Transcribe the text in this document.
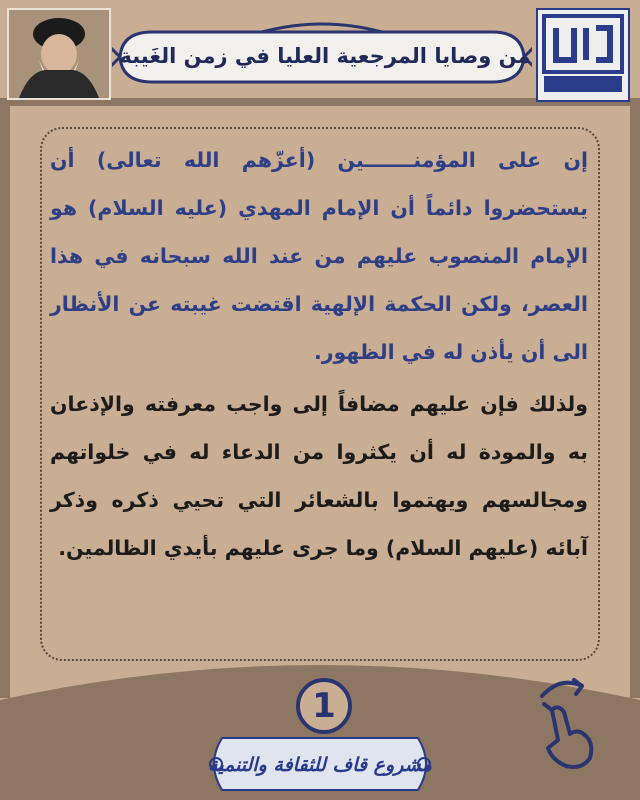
من وصايا المرجعية العليا في زمن الغَيبة

إن على المؤمنـــــــين (أعزّهم الله تعالى) أن يستحضروا دائماً أن الإمام المهدي (عليه السلام) هو الإمام المنصوب عليهم من عند الله سبحانه في هذا العصر، ولكن الحكمة الإلهية اقتضت غيبته عن الأنظار الى أن يأذن له في الظهور.

ولذلك فإن عليهم مضافاً إلى واجب معرفته والإذعان به والمودة له أن يكثروا من الدعاء له في خلواتهم ومجالسهم ويهتموا بالشعائر التي تحيي ذكره وذكر آبائه (عليهم السلام) وما جرى عليهم بأيدي الظالمين.

1
مشروع قاف للثقافة والتنمية
